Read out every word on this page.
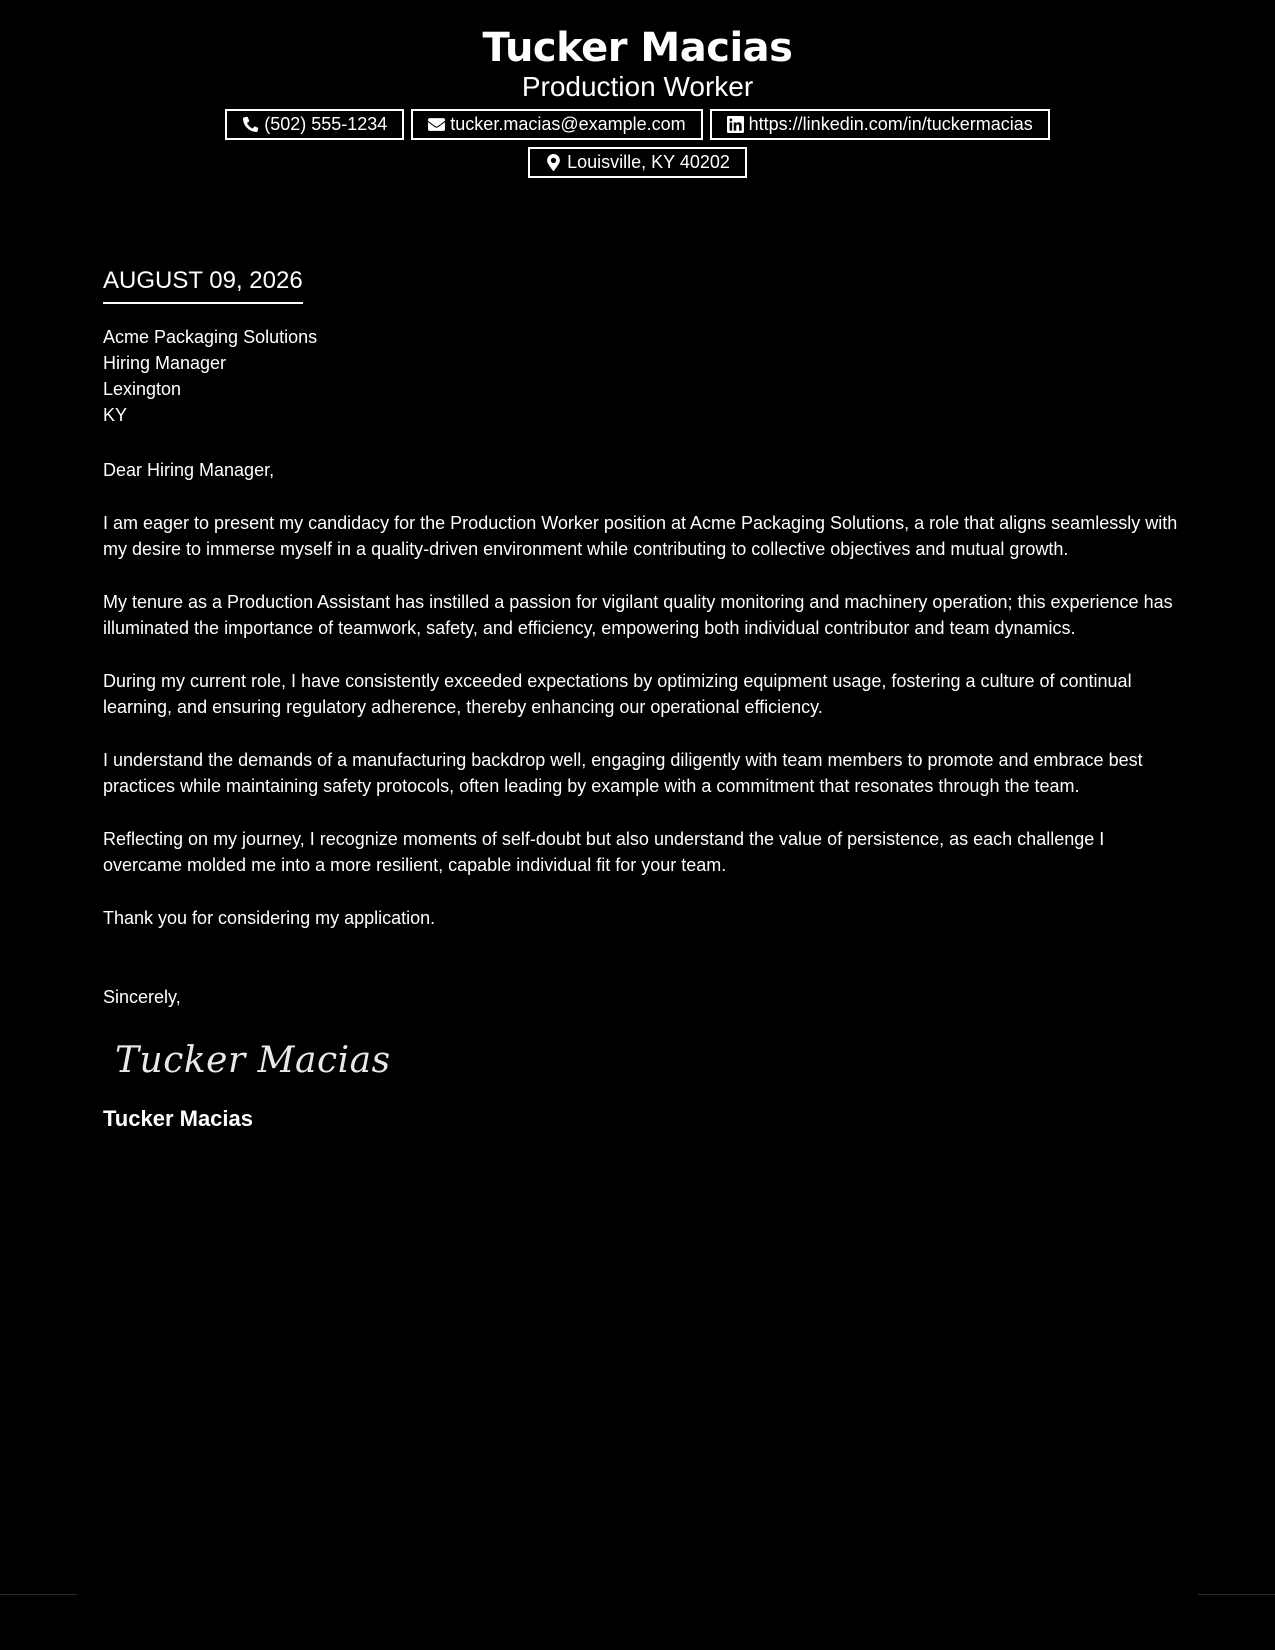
Tucker Macias
Production Worker
(502) 555-1234	tucker.macias@example.com	https://linkedin.com/in/tuckermacias
Louisville, KY 40202
AUGUST 09, 2026
Acme Packaging Solutions
Hiring Manager
Lexington
KY
Dear Hiring Manager,
I am eager to present my candidacy for the Production Worker position at Acme Packaging Solutions, a role that aligns seamlessly with my desire to immerse myself in a quality-driven environment while contributing to collective objectives and mutual growth.
My tenure as a Production Assistant has instilled a passion for vigilant quality monitoring and machinery operation; this experience has illuminated the importance of teamwork, safety, and efficiency, empowering both individual contributor and team dynamics.
During my current role, I have consistently exceeded expectations by optimizing equipment usage, fostering a culture of continual learning, and ensuring regulatory adherence, thereby enhancing our operational efficiency.
I understand the demands of a manufacturing backdrop well, engaging diligently with team members to promote and embrace best practices while maintaining safety protocols, often leading by example with a commitment that resonates through the team.
Reflecting on my journey, I recognize moments of self-doubt but also understand the value of persistence, as each challenge I overcame molded me into a more resilient, capable individual fit for your team.
Thank you for considering my application.
Sincerely,
Tucker Macias
Tucker Macias
